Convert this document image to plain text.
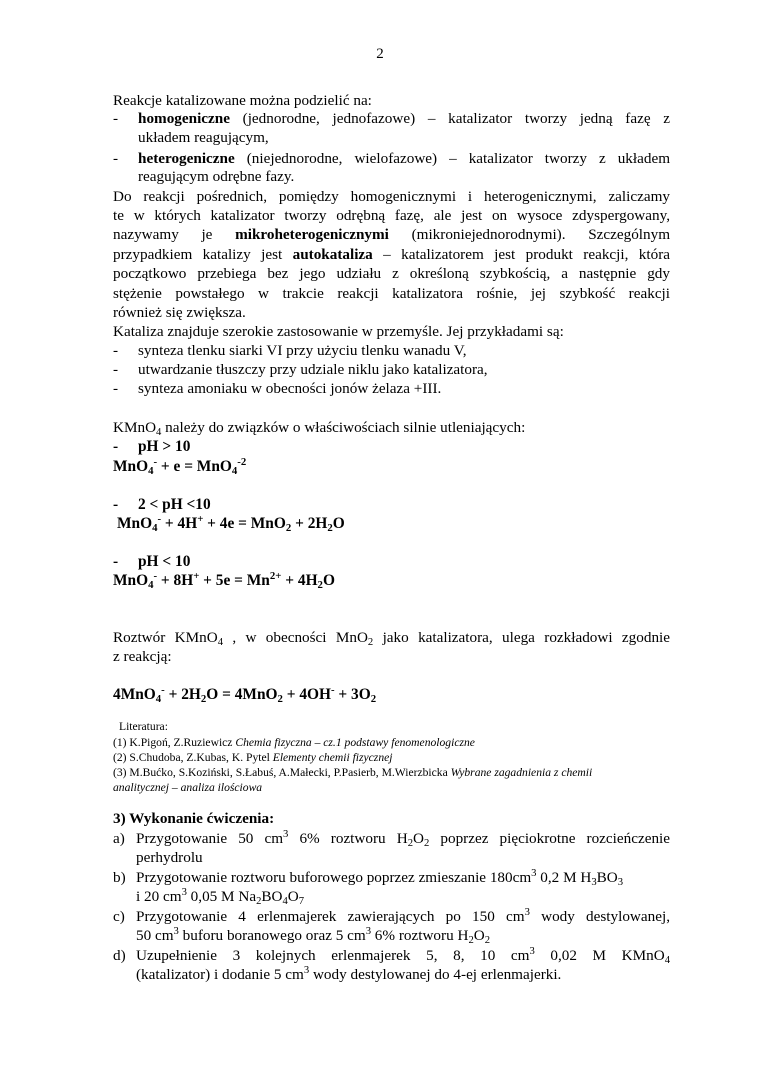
2
Reakcje katalizowane można podzielić na:
- homogeniczne (jednorodne, jednofazowe) – katalizator tworzy jedną fazę z
układem reagującym,
- heterogeniczne (niejednorodne, wielofazowe) – katalizator tworzy z układem
reagującym odrębne fazy.
Do reakcji pośrednich, pomiędzy homogenicznymi i heterogenicznymi, zaliczamy
te w których katalizator tworzy odrębną fazę, ale jest on wysoce zdyspergowany,
nazywamy je mikroheterogenicznymi (mikroniejednorodnymi). Szczególnym
przypadkiem katalizy jest autokataliza – katalizatorem jest produkt reakcji, która
początkowo przebiega bez jego udziału z określoną szybkością, a następnie gdy
stężenie powstałego w trakcie reakcji katalizatora rośnie, jej szybkość reakcji
również się zwiększa.
Kataliza znajduje szerokie zastosowanie w przemyśle. Jej przykładami są:
- synteza tlenku siarki VI przy użyciu tlenku wanadu V,
- utwardzanie tłuszczy przy udziale niklu jako katalizatora,
- synteza amoniaku w obecności jonów żelaza +III.
KMnO$_4$ należy do związków o właściwościach silnie utleniających:
- pH > 10
MnO$_4$- + e = MnO$_4^{-2}$
- 2 < pH <10
$MnO_4^- + 4H^+ + 4e = MnO_2 + 2H_2O$
- pH < 10
$MnO_4^- + 8H^+ + 5e = Mn^{2+} + 4H_2O$
Roztwór KMnO$_4$ , w obecności MnO$_2$ jako katalizatora, ulega rozkładowi zgodnie
z reakcją:
$4MnO_4^- + 2H_2O = 4MnO_2 + 4OH^- + 3O_2$
Literatura:
(1) K.Pigoń, Z.Ruziewicz Chemia fizyczna – cz.1 podstawy fenomenologiczne
(2) S.Chudoba, Z.Kubas, K. Pytel Elementy chemii fizycznej
(3) M.Bućko, S.Koziński, S.Łabuś, A.Małecki, P.Pasierb, M.Wierzbicka Wybrane zagadnienia z chemii
analitycznej – analiza ilościowa
3) Wykonanie ćwiczenia:
a) Przygotowanie 50 $cm^3$ 6% roztworu $H_2O_2$ poprzez pięciokrotne rozcieńczenie
perhydrolu
b) Przygotowanie roztworu buforowego poprzez zmieszanie $180cm^3$ 0,2 M $H_3BO_3$
i 20 $cm^3$ 0,05 M $Na_2BO_4O_7$
c) Przygotowanie 4 erlenmajerek zawierających po 150 $cm^3$ wody destylowanej,
50 $cm^3$ buforu boranowego oraz 5 $cm^3$ 6% roztworu $H_2O_2$
d) Uzupełnienie 3 kolejnych erlenmajerek 5, 8, 10 $cm^3$ 0,02 M KMnO$_4$
(katalizator) i dodanie 5 $cm^3$ wody destylowanej do 4-ej erlenmajerki.
